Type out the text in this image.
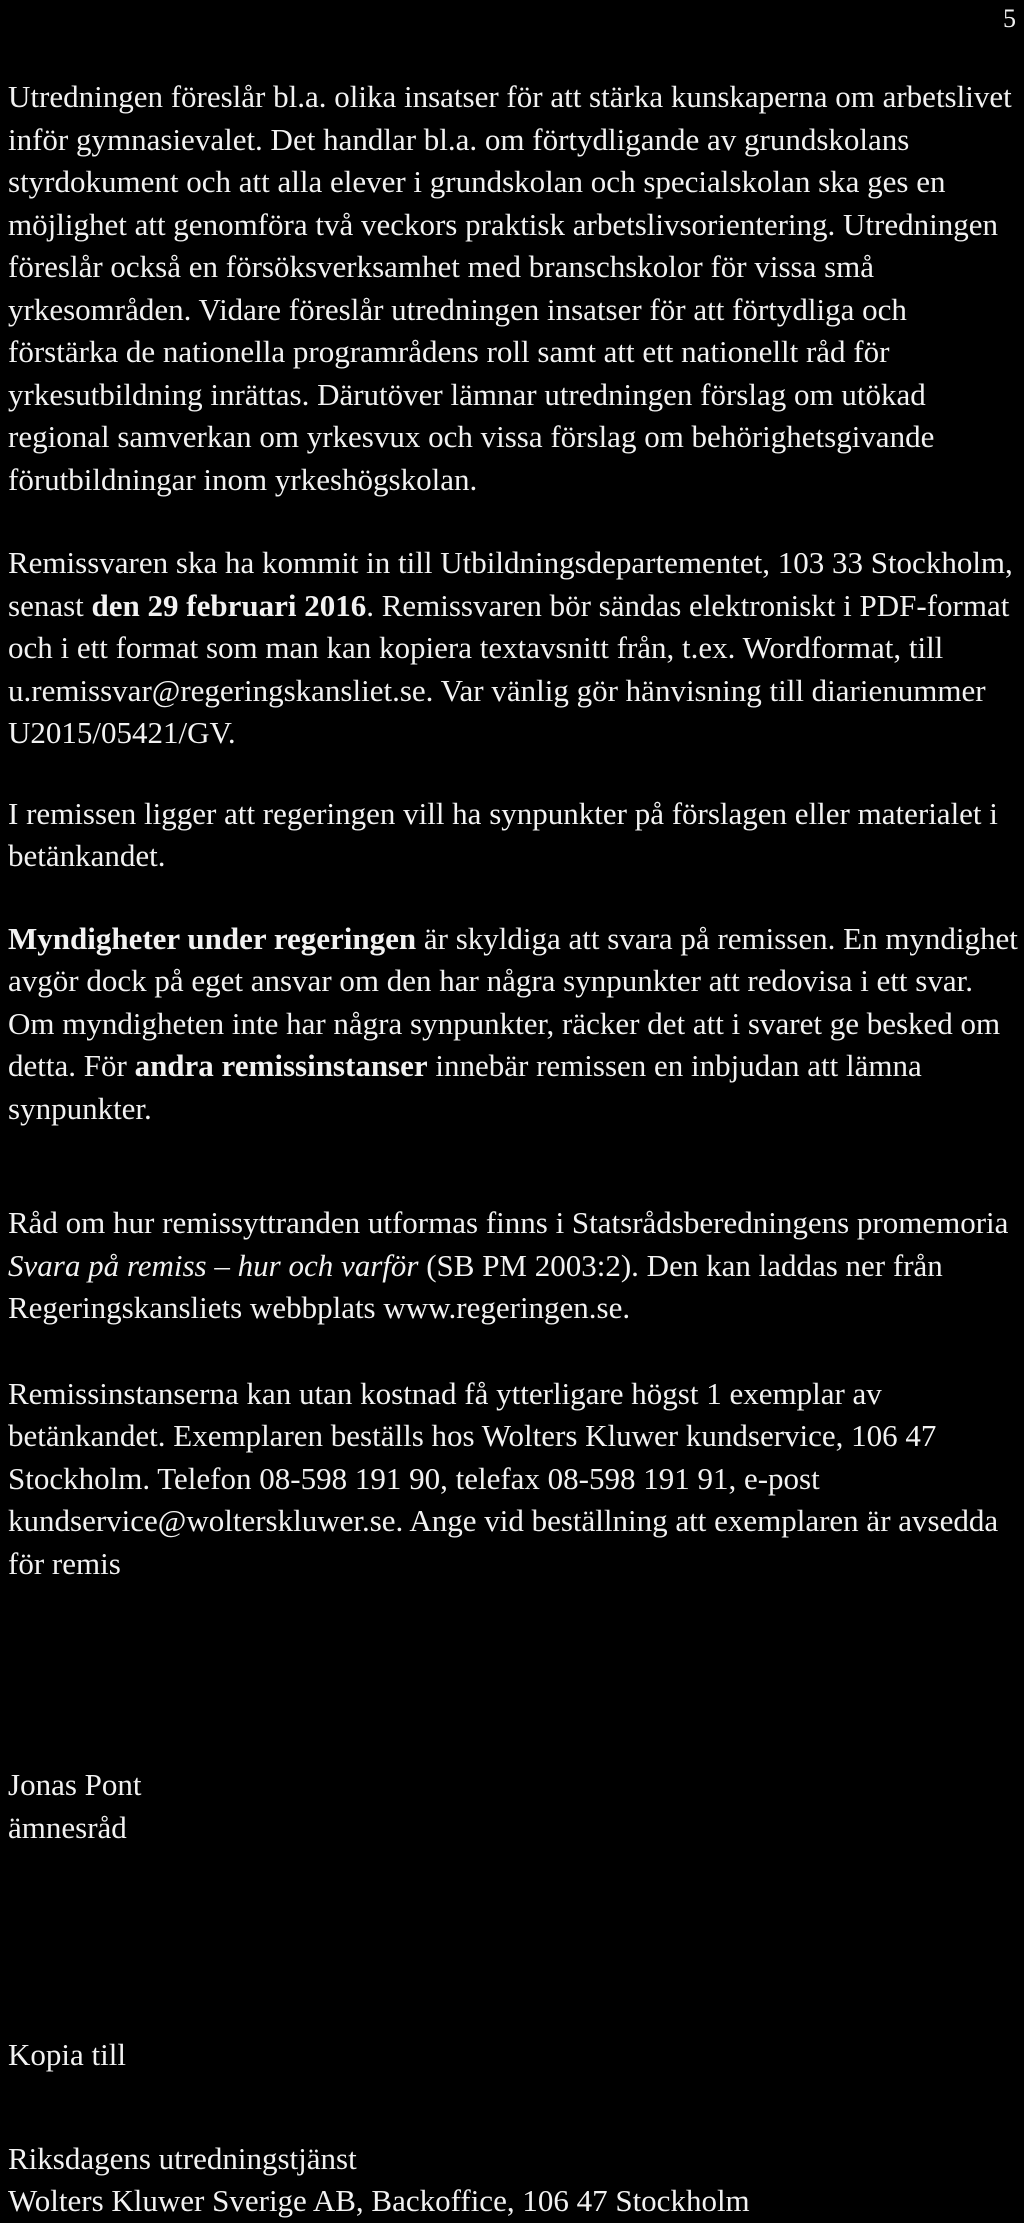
5

Utredningen föreslår bl.a. olika insatser för att stärka kunskaperna om arbetslivet inför gymnasievalet. Det handlar bl.a. om förtydligande av grundskolans styrdokument och att alla elever i grundskolan och specialskolan ska ges en möjlighet att genomföra två veckors praktisk arbetslivsorientering. Utredningen föreslår också en försöksverksamhet med branschskolor för vissa små yrkesområden. Vidare föreslår utredningen insatser för att förtydliga och förstärka de nationella programrådens roll samt att ett nationellt råd för yrkesutbildning inrättas. Därutöver lämnar utredningen förslag om utökad regional samverkan om yrkesvux och vissa förslag om behörighetsgivande förutbildningar inom yrkeshögskolan.

Remissvaren ska ha kommit in till Utbildningsdepartementet, 103 33 Stockholm, senast den 29 februari 2016. Remissvaren bör sändas elektroniskt i PDF-format och i ett format som man kan kopiera textavsnitt från, t.ex. Wordformat, till u.remissvar@regeringskansliet.se. Var vänlig gör hänvisning till diarienummer U2015/05421/GV.

I remissen ligger att regeringen vill ha synpunkter på förslagen eller materialet i betänkandet.

Myndigheter under regeringen är skyldiga att svara på remissen. En myndighet avgör dock på eget ansvar om den har några synpunkter att redovisa i ett svar. Om myndigheten inte har några synpunkter, räcker det att i svaret ge besked om detta. För andra remissinstanser innebär remissen en inbjudan att lämna synpunkter.

Råd om hur remissyttranden utformas finns i Statsrådsberedningens promemoria Svara på remiss – hur och varför (SB PM 2003:2). Den kan laddas ner från Regeringskansliets webbplats www.regeringen.se.

Remissinstanserna kan utan kostnad få ytterligare högst 1 exemplar av betänkandet. Exemplaren beställs hos Wolters Kluwer kundservice, 106 47 Stockholm. Telefon 08-598 191 90, telefax 08-598 191 91, e-post kundservice@wolterskluwer.se. Ange vid beställning att exemplaren är avsedda för remis

Jonas Pont
ämnesråd

Kopia till

Riksdagens utredningstjänst
Wolters Kluwer Sverige AB, Backoffice, 106 47 Stockholm
